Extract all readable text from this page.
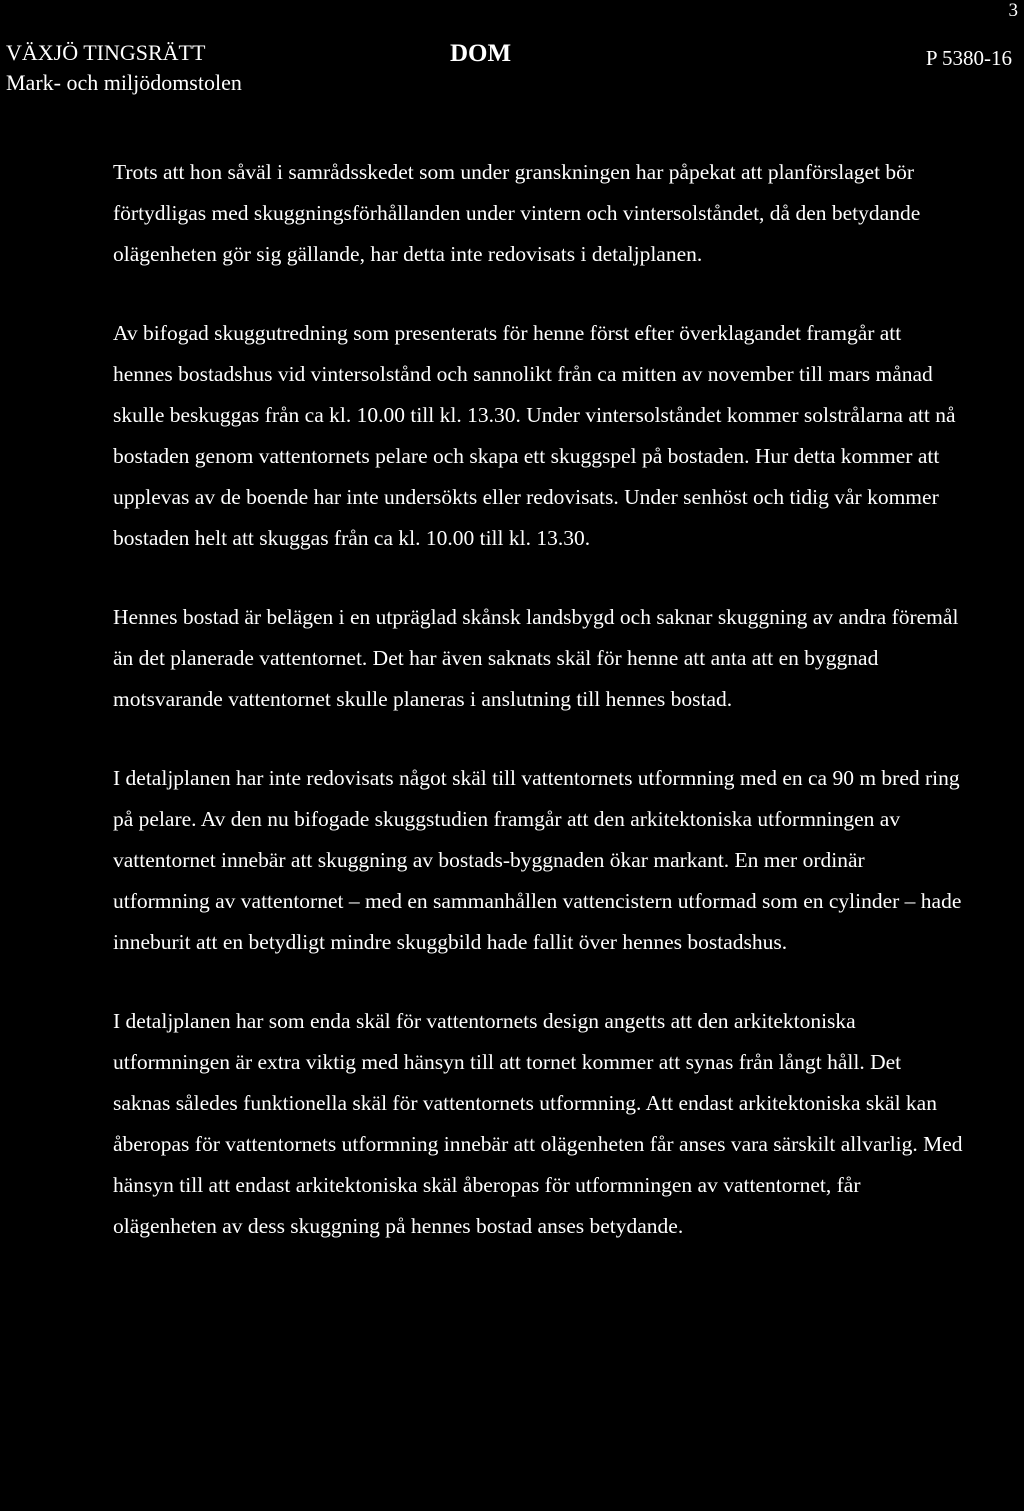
3
VÄXJÖ TINGSRÄTT
Mark- och miljödomstolen
DOM	P 5380-16

Trots att hon såväl i samrådsskedet som under granskningen har påpekat att planförslaget bör förtydligas med skuggningsförhållanden under vintern och vintersolståndet, då den betydande olägenheten gör sig gällande, har detta inte redovisats i detaljplanen.

Av bifogad skuggutredning som presenterats för henne först efter överklagandet framgår att hennes bostadshus vid vintersolstånd och sannolikt från ca mitten av november till mars månad skulle beskuggas från ca kl. 10.00 till kl. 13.30. Under vintersolståndet kommer solstrålarna att nå bostaden genom vattentornets pelare och skapa ett skuggspel på bostaden. Hur detta kommer att upplevas av de boende har inte undersökts eller redovisats. Under senhöst och tidig vår kommer bostaden helt att skuggas från ca kl. 10.00 till kl. 13.30.

Hennes bostad är belägen i en utpräglad skånsk landsbygd och saknar skuggning av andra föremål än det planerade vattentornet. Det har även saknats skäl för henne att anta att en byggnad motsvarande vattentornet skulle planeras i anslutning till hennes bostad.

I detaljplanen har inte redovisats något skäl till vattentornets utformning med en ca 90 m bred ring på pelare. Av den nu bifogade skuggstudien framgår att den arkitektoniska utformningen av vattentornet innebär att skuggning av bostads-byggnaden ökar markant. En mer ordinär utformning av vattentornet – med en sammanhållen vattencistern utformad som en cylinder – hade inneburit att en betydligt mindre skuggbild hade fallit över hennes bostadshus.

I detaljplanen har som enda skäl för vattentornets design angetts att den arkitektoniska utformningen är extra viktig med hänsyn till att tornet kommer att synas från långt håll. Det saknas således funktionella skäl för vattentornets utformning. Att endast arkitektoniska skäl kan åberopas för vattentornets utformning innebär att olägenheten får anses vara särskilt allvarlig. Med hänsyn till att endast arkitektoniska skäl åberopas för utformningen av vattentornet, får olägenheten av dess skuggning på hennes bostad anses betydande.
